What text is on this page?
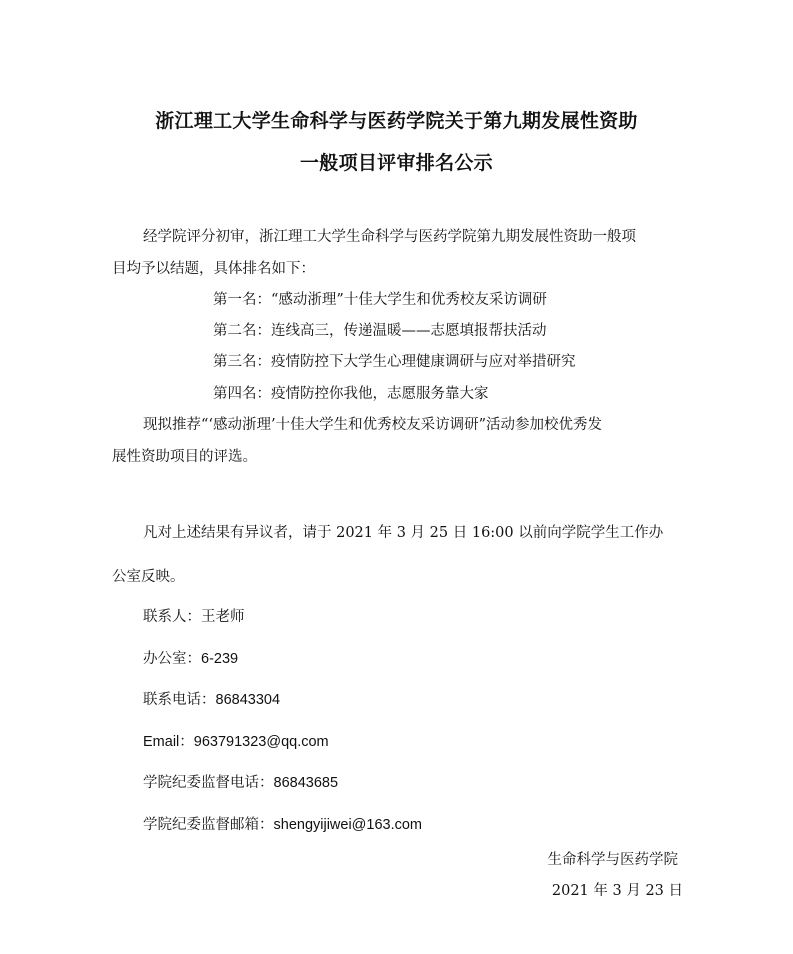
浙江理工大学生命科学与医药学院关于第九期发展性资助
一般项目评审排名公示
经学院评分初审，浙江理工大学生命科学与医药学院第九期发展性资助一般项
目均予以结题，具体排名如下：
第一名：“感动浙理”十佳大学生和优秀校友采访调研
第二名：连线高三，传递温暖——志愿填报帮扶活动
第三名：疫情防控下大学生心理健康调研与应对举措研究
第四名：疫情防控你我他，志愿服务靠大家
现拟推荐“‘感动浙理’十佳大学生和优秀校友采访调研”活动参加校优秀发
展性资助项目的评选。
凡对上述结果有异议者，请于 2021 年 3 月 25 日 16:00 以前向学院学生工作办
公室反映。
联系人：王老师
办公室：6-239
联系电话：86843304
Email：963791323@qq.com
学院纪委监督电话：86843685
学院纪委监督邮箱：shengyijiwei@163.com
生命科学与医药学院
2021 年 3 月 23 日
